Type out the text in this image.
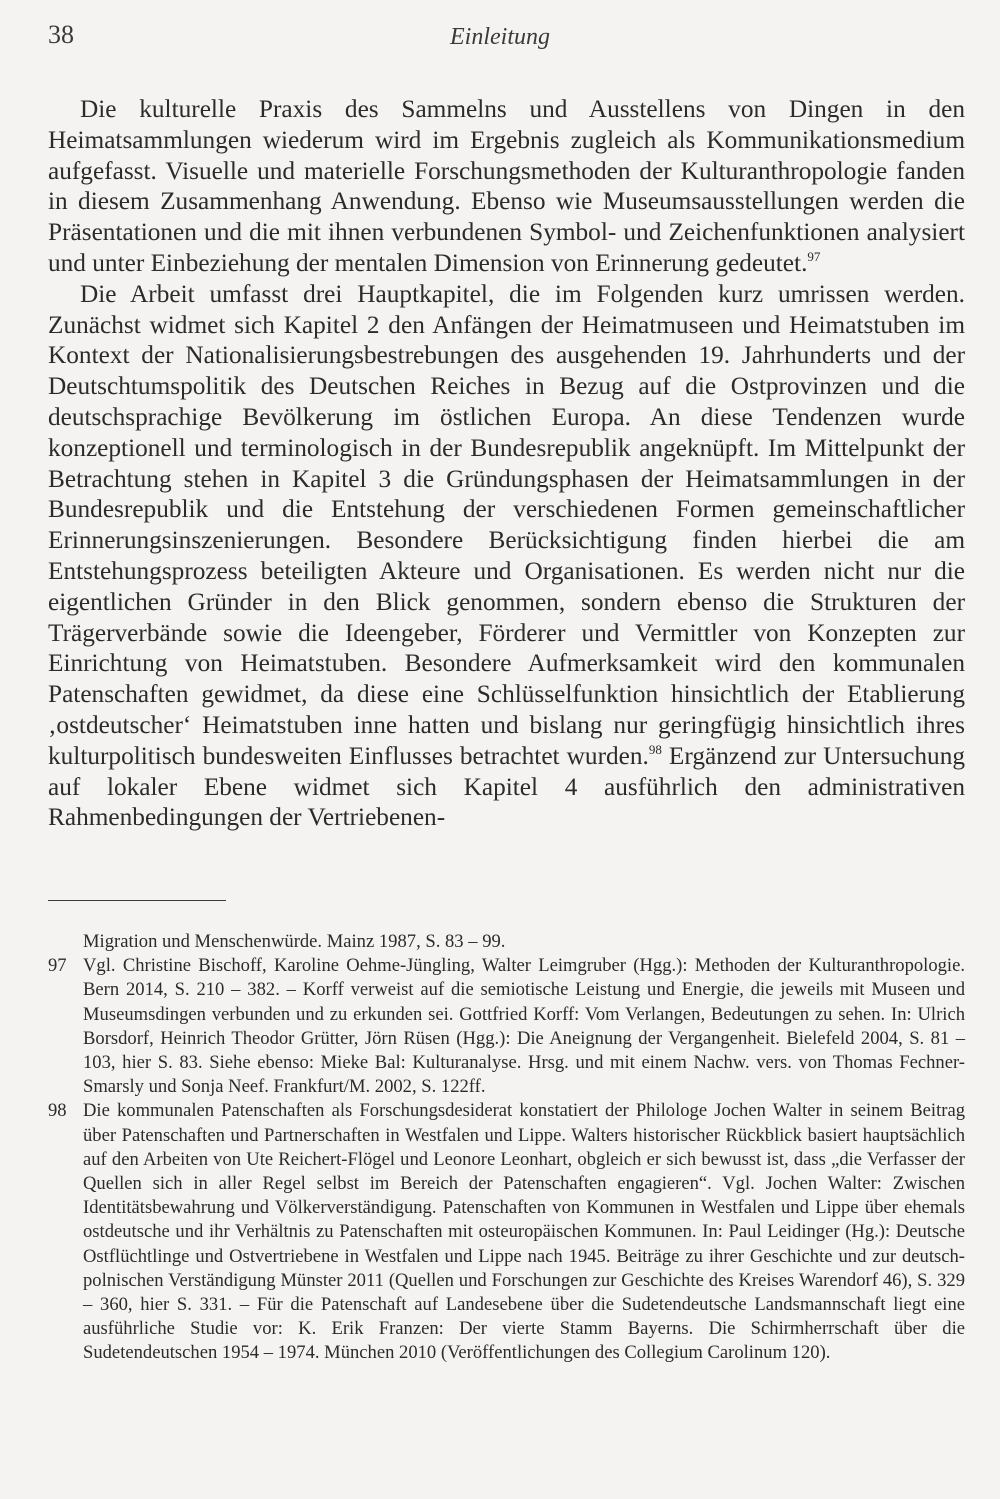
38	Einleitung

Die kulturelle Praxis des Sammelns und Ausstellens von Dingen in den Heimatsammlungen wiederum wird im Ergebnis zugleich als Kommunikationsmedium aufgefasst. Visuelle und materielle Forschungsmethoden der Kulturanthropologie fanden in diesem Zusammenhang Anwendung. Ebenso wie Museumsausstellungen werden die Präsentationen und die mit ihnen verbundenen Symbol- und Zeichenfunktionen analysiert und unter Einbeziehung der mentalen Dimension von Erinnerung gedeutet.$^{97}$

Die Arbeit umfasst drei Hauptkapitel, die im Folgenden kurz umrissen werden. Zunächst widmet sich Kapitel 2 den Anfängen der Heimatmuseen und Heimatstuben im Kontext der Nationalisierungsbestrebungen des ausgehenden 19. Jahrhunderts und der Deutschtumspolitik des Deutschen Reiches in Bezug auf die Ostprovinzen und die deutschsprachige Bevölkerung im östlichen Europa. An diese Tendenzen wurde konzeptionell und terminologisch in der Bundesrepublik angeknüpft. Im Mittelpunkt der Betrachtung stehen in Kapitel 3 die Gründungsphasen der Heimatsammlungen in der Bundesrepublik und die Entstehung der verschiedenen Formen gemeinschaftlicher Erinnerungsinszenierungen. Besondere Berücksichtigung finden hierbei die am Entstehungsprozess beteiligten Akteure und Organisationen. Es werden nicht nur die eigentlichen Gründer in den Blick genommen, sondern ebenso die Strukturen der Trägerverbände sowie die Ideengeber, Förderer und Vermittler von Konzepten zur Einrichtung von Heimatstuben. Besondere Aufmerksamkeit wird den kommunalen Patenschaften gewidmet, da diese eine Schlüsselfunktion hinsichtlich der Etablierung ‚ostdeutscher‘ Heimatstuben inne hatten und bislang nur geringfügig hinsichtlich ihres kulturpolitisch bundesweiten Einflusses betrachtet wurden.$^{98}$ Ergänzend zur Untersuchung auf lokaler Ebene widmet sich Kapitel 4 ausführlich den administrativen Rahmenbedingungen der Vertriebenen-

Migration und Menschenwürde. Mainz 1987, S. 83 – 99.
97 Vgl. Christine Bischoff, Karoline Oehme-Jüngling, Walter Leimgruber (Hgg.): Methoden der Kulturanthropologie. Bern 2014, S. 210 – 382. – Korff verweist auf die semiotische Leistung und Energie, die jeweils mit Museen und Museumsdingen verbunden und zu erkunden sei. Gottfried Korff: Vom Verlangen, Bedeutungen zu sehen. In: Ulrich Borsdorf, Heinrich Theodor Grütter, Jörn Rüsen (Hgg.): Die Aneignung der Vergangenheit. Bielefeld 2004, S. 81 – 103, hier S. 83. Siehe ebenso: Mieke Bal: Kulturanalyse. Hrsg. und mit einem Nachw. vers. von Thomas Fechner-Smarsly und Sonja Neef. Frankfurt/M. 2002, S. 122ff.
98 Die kommunalen Patenschaften als Forschungsdesiderat konstatiert der Philologe Jochen Walter in seinem Beitrag über Patenschaften und Partnerschaften in Westfalen und Lippe. Walters historischer Rückblick basiert hauptsächlich auf den Arbeiten von Ute Reichert-Flögel und Leonore Leonhart, obgleich er sich bewusst ist, dass „die Verfasser der Quellen sich in aller Regel selbst im Bereich der Patenschaften engagieren“. Vgl. Jochen Walter: Zwischen Identitätsbewahrung und Völkerverständigung. Patenschaften von Kommunen in Westfalen und Lippe über ehemals ostdeutsche und ihr Verhältnis zu Patenschaften mit osteuropäischen Kommunen. In: Paul Leidinger (Hg.): Deutsche Ostflüchtlinge und Ostvertriebene in Westfalen und Lippe nach 1945. Beiträge zu ihrer Geschichte und zur deutsch-polnischen Verständigung Münster 2011 (Quellen und Forschungen zur Geschichte des Kreises Warendorf 46), S. 329 – 360, hier S. 331. – Für die Patenschaft auf Landesebene über die Sudetendeutsche Landsmannschaft liegt eine ausführliche Studie vor: K. Erik Franzen: Der vierte Stamm Bayerns. Die Schirmherrschaft über die Sudetendeutschen 1954 – 1974. München 2010 (Veröffentlichungen des Collegium Carolinum 120).
